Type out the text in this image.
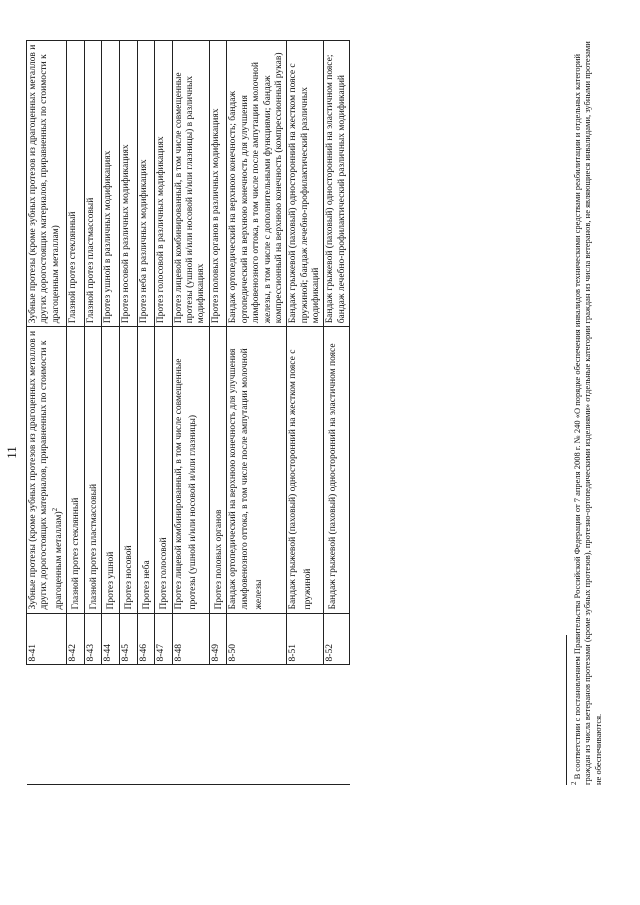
11
	8-41	Зубные протезы (кроме зубных протезов из драгоценных металлов и других дорогостоящих материалов, приравненных по стоимости к драгоценным металлам)$^2$	Зубные протезы (кроме зубных протезов из драгоценных металлов и других дорогостоящих материалов, приравненных по стоимости к драгоценным металлам)
	8-42	Глазной протез стеклянный	Глазной протез стеклянный
	8-43	Глазной протез пластмассовый	Глазной протез пластмассовый
	8-44	Протез ушной	Протез ушной в различных модификациях
	8-45	Протез носовой	Протез носовой в различных модификациях
	8-46	Протез неба	Протез неба в различных модификациях
	8-47	Протез голосовой	Протез голосовой в различных модификациях
	8-48	Протез лицевой комбинированный, в том числе совмещенные протезы (ушной и/или носовой и/или глазницы)	Протез лицевой комбинированный, в том числе совмещенные протезы (ушной и/или носовой и/или глазницы) в различных модификациях
	8-49	Протез половых органов	Протез половых органов в различных модификациях
	8-50	Бандаж ортопедический на верхнюю конечность для улучшения лимфовенозного оттока, в том числе после ампутации молочной железы	Бандаж ортопедический на верхнюю конечность; бандаж ортопедический на верхнюю конечность для улучшения лимфовенозного оттока, в том числе после ампутации молочной железы, в том числе с дополнительными функциями; бандаж компрессионный на верхнюю конечность (компрессионный рукав)
	8-51	Бандаж грыжевой (паховый) односторонний на жестком поясе с пружиной	Бандаж грыжевой (паховый) односторонний на жестком поясе с пружиной; бандаж лечебно-профилактический различных модификаций
	8-52	Бандаж грыжевой (паховый) односторонний на эластичном поясе	Бандаж грыжевой (паховый) односторонний на эластичном поясе; бандаж лечебно-профилактический различных модификаций
$^2$ В соответствии с постановлением Правительства Российской Федерации от 7 апреля 2008 г. № 240 «О порядке обеспечения инвалидов техническими средствами реабилитации и отдельных категорий граждан из числа ветеранов протезами (кроме зубных протезов), протезно-ортопедическими изделиями» отдельные категории граждан из числа ветеранов, не являющиеся инвалидами, зубными протезами не обеспечиваются.
